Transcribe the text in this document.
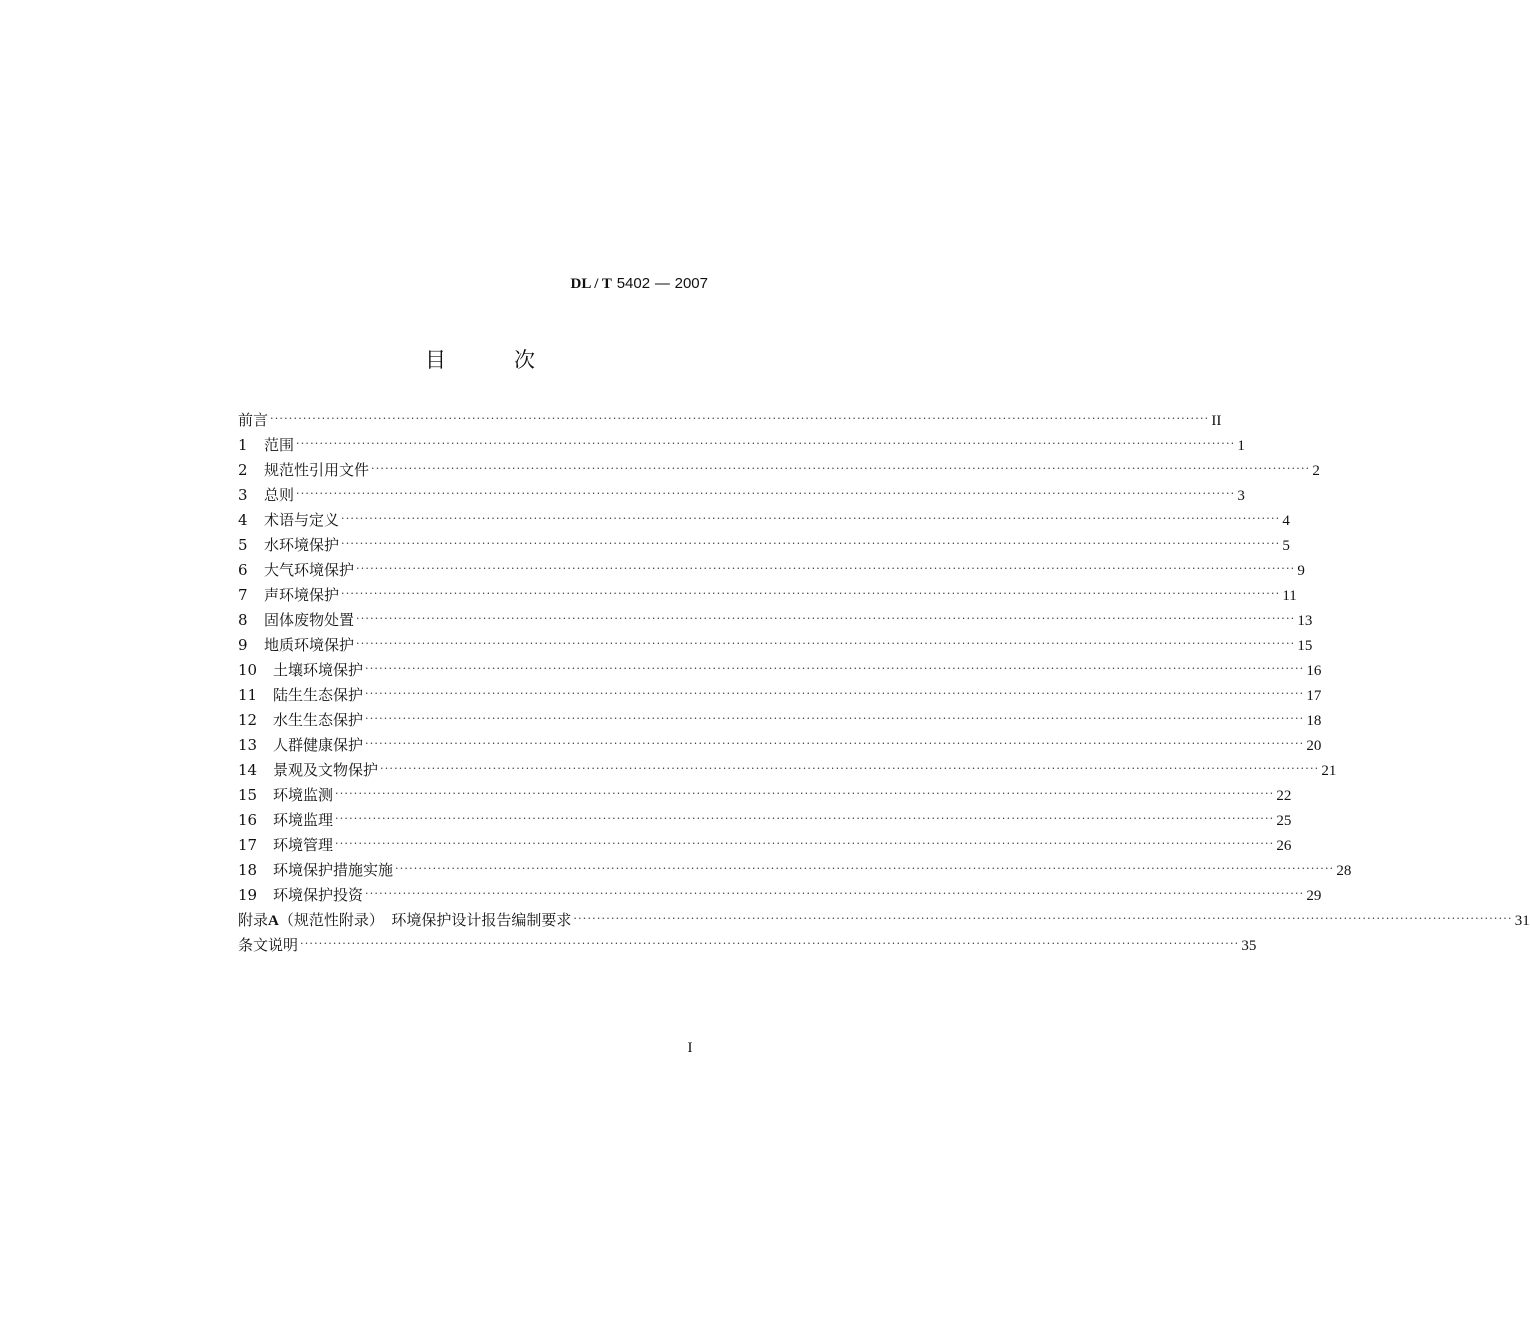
DL / T 5402 — 2007
目	次
前言 ········································································································································································································ II
1	范围 ········································································································································································································ 1
2	规范性引用文件 ········································································································································································································ 2
3	总则 ········································································································································································································ 3
4	术语与定义 ········································································································································································································ 4
5	水环境保护 ········································································································································································································ 5
6	大气环境保护 ········································································································································································································ 9
7	声环境保护 ········································································································································································································ 11
8	固体废物处置 ········································································································································································································ 13
9	地质环境保护 ········································································································································································································ 15
10	土壤环境保护 ········································································································································································································ 16
11	陆生生态保护 ········································································································································································································ 17
12	水生生态保护 ········································································································································································································ 18
13	人群健康保护 ········································································································································································································ 20
14	景观及文物保护 ········································································································································································································ 21
15	环境监测 ········································································································································································································ 22
16	环境监理 ········································································································································································································ 25
17	环境管理 ········································································································································································································ 26
18	环境保护措施实施 ········································································································································································································ 28
19	环境保护投资 ········································································································································································································ 29
附录A（规范性附录）　环境保护设计报告编制要求 ········································································································································································································ 31
条文说明 ········································································································································································································ 35
I
